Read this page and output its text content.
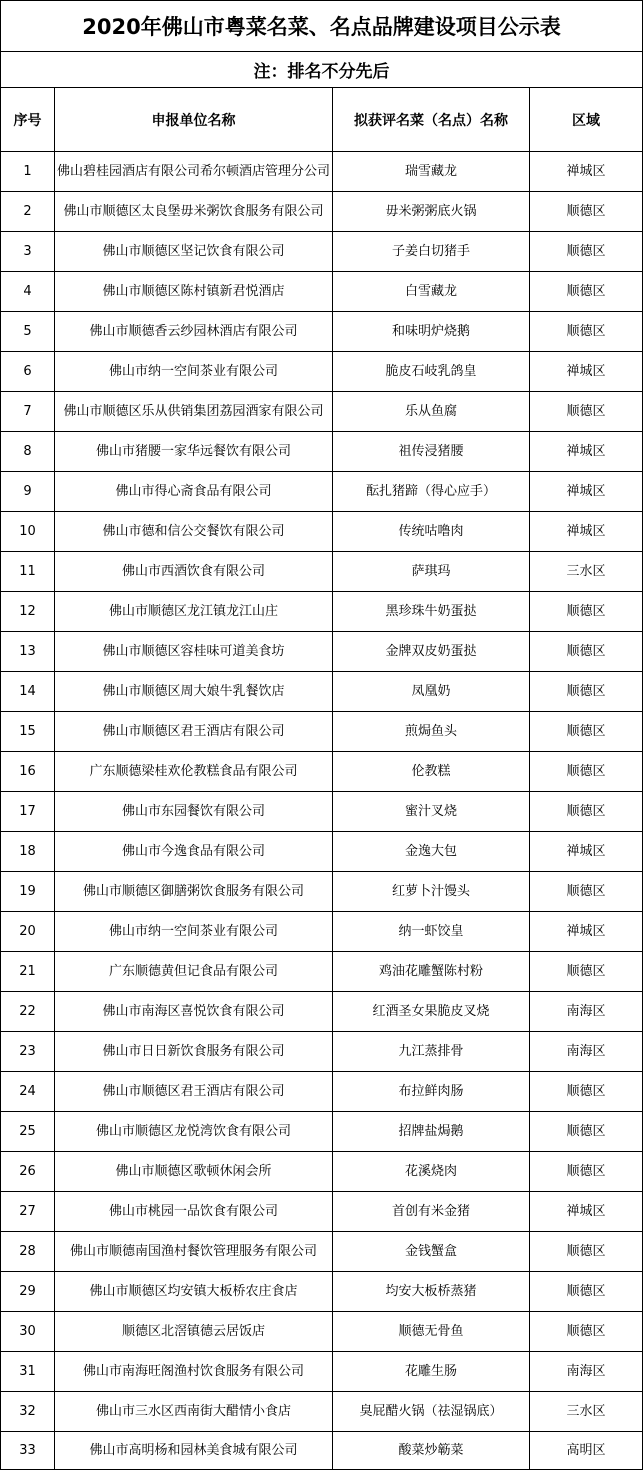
2020年佛山市粤菜名菜、名点品牌建设项目公示表			
注：排名不分先后			
序号	申报单位名称	拟获评名菜（名点）名称	区域
1	佛山碧桂园酒店有限公司希尔顿酒店管理分公司	瑞雪藏龙	禅城区
2	佛山市顺德区太良堡毋米粥饮食服务有限公司	毋米粥粥底火锅	顺德区
3	佛山市顺德区坚记饮食有限公司	子姜白切猪手	顺德区
4	佛山市顺德区陈村镇新君悦酒店	白雪藏龙	顺德区
5	佛山市顺德香云纱园林酒店有限公司	和味明炉烧鹅	顺德区
6	佛山市纳一空间茶业有限公司	脆皮石岐乳鸽皇	禅城区
7	佛山市顺德区乐从供销集团荔园酒家有限公司	乐从鱼腐	顺德区
8	佛山市猪腰一家华远餐饮有限公司	祖传浸猪腰	禅城区
9	佛山市得心斋食品有限公司	酝扎猪蹄（得心应手）	禅城区
10	佛山市德和信公交餐饮有限公司	传统咕噜肉	禅城区
11	佛山市西酒饮食有限公司	萨琪玛	三水区
12	佛山市顺德区龙江镇龙江山庄	黑珍珠牛奶蛋挞	顺德区
13	佛山市顺德区容桂味可道美食坊	金牌双皮奶蛋挞	顺德区
14	佛山市顺德区周大娘牛乳餐饮店	凤凰奶	顺德区
15	佛山市顺德区君王酒店有限公司	煎焗鱼头	顺德区
16	广东顺德梁桂欢伦教糕食品有限公司	伦教糕	顺德区
17	佛山市东园餐饮有限公司	蜜汁叉烧	顺德区
18	佛山市今逸食品有限公司	金逸大包	禅城区
19	佛山市顺德区御膳粥饮食服务有限公司	红萝卜汁馒头	顺德区
20	佛山市纳一空间茶业有限公司	纳一虾饺皇	禅城区
21	广东顺德黄但记食品有限公司	鸡油花雕蟹陈村粉	顺德区
22	佛山市南海区喜悦饮食有限公司	红酒圣女果脆皮叉烧	南海区
23	佛山市日日新饮食服务有限公司	九江蒸排骨	南海区
24	佛山市顺德区君王酒店有限公司	布拉鲜肉肠	顺德区
25	佛山市顺德区龙悦湾饮食有限公司	招牌盐焗鹅	顺德区
26	佛山市顺德区歌顿休闲会所	花溪烧肉	顺德区
27	佛山市桃园一品饮食有限公司	首创有米金猪	禅城区
28	佛山市顺德南国渔村餐饮管理服务有限公司	金钱蟹盒	顺德区
29	佛山市顺德区均安镇大板桥农庄食店	均安大板桥蒸猪	顺德区
30	顺德区北滘镇德云居饭店	顺德无骨鱼	顺德区
31	佛山市南海旺阁渔村饮食服务有限公司	花雕生肠	南海区
32	佛山市三水区西南街大醋情小食店	臭屁醋火锅（祛湿锅底）	三水区
33	佛山市高明杨和园林美食城有限公司	酸菜炒簕菜	高明区
